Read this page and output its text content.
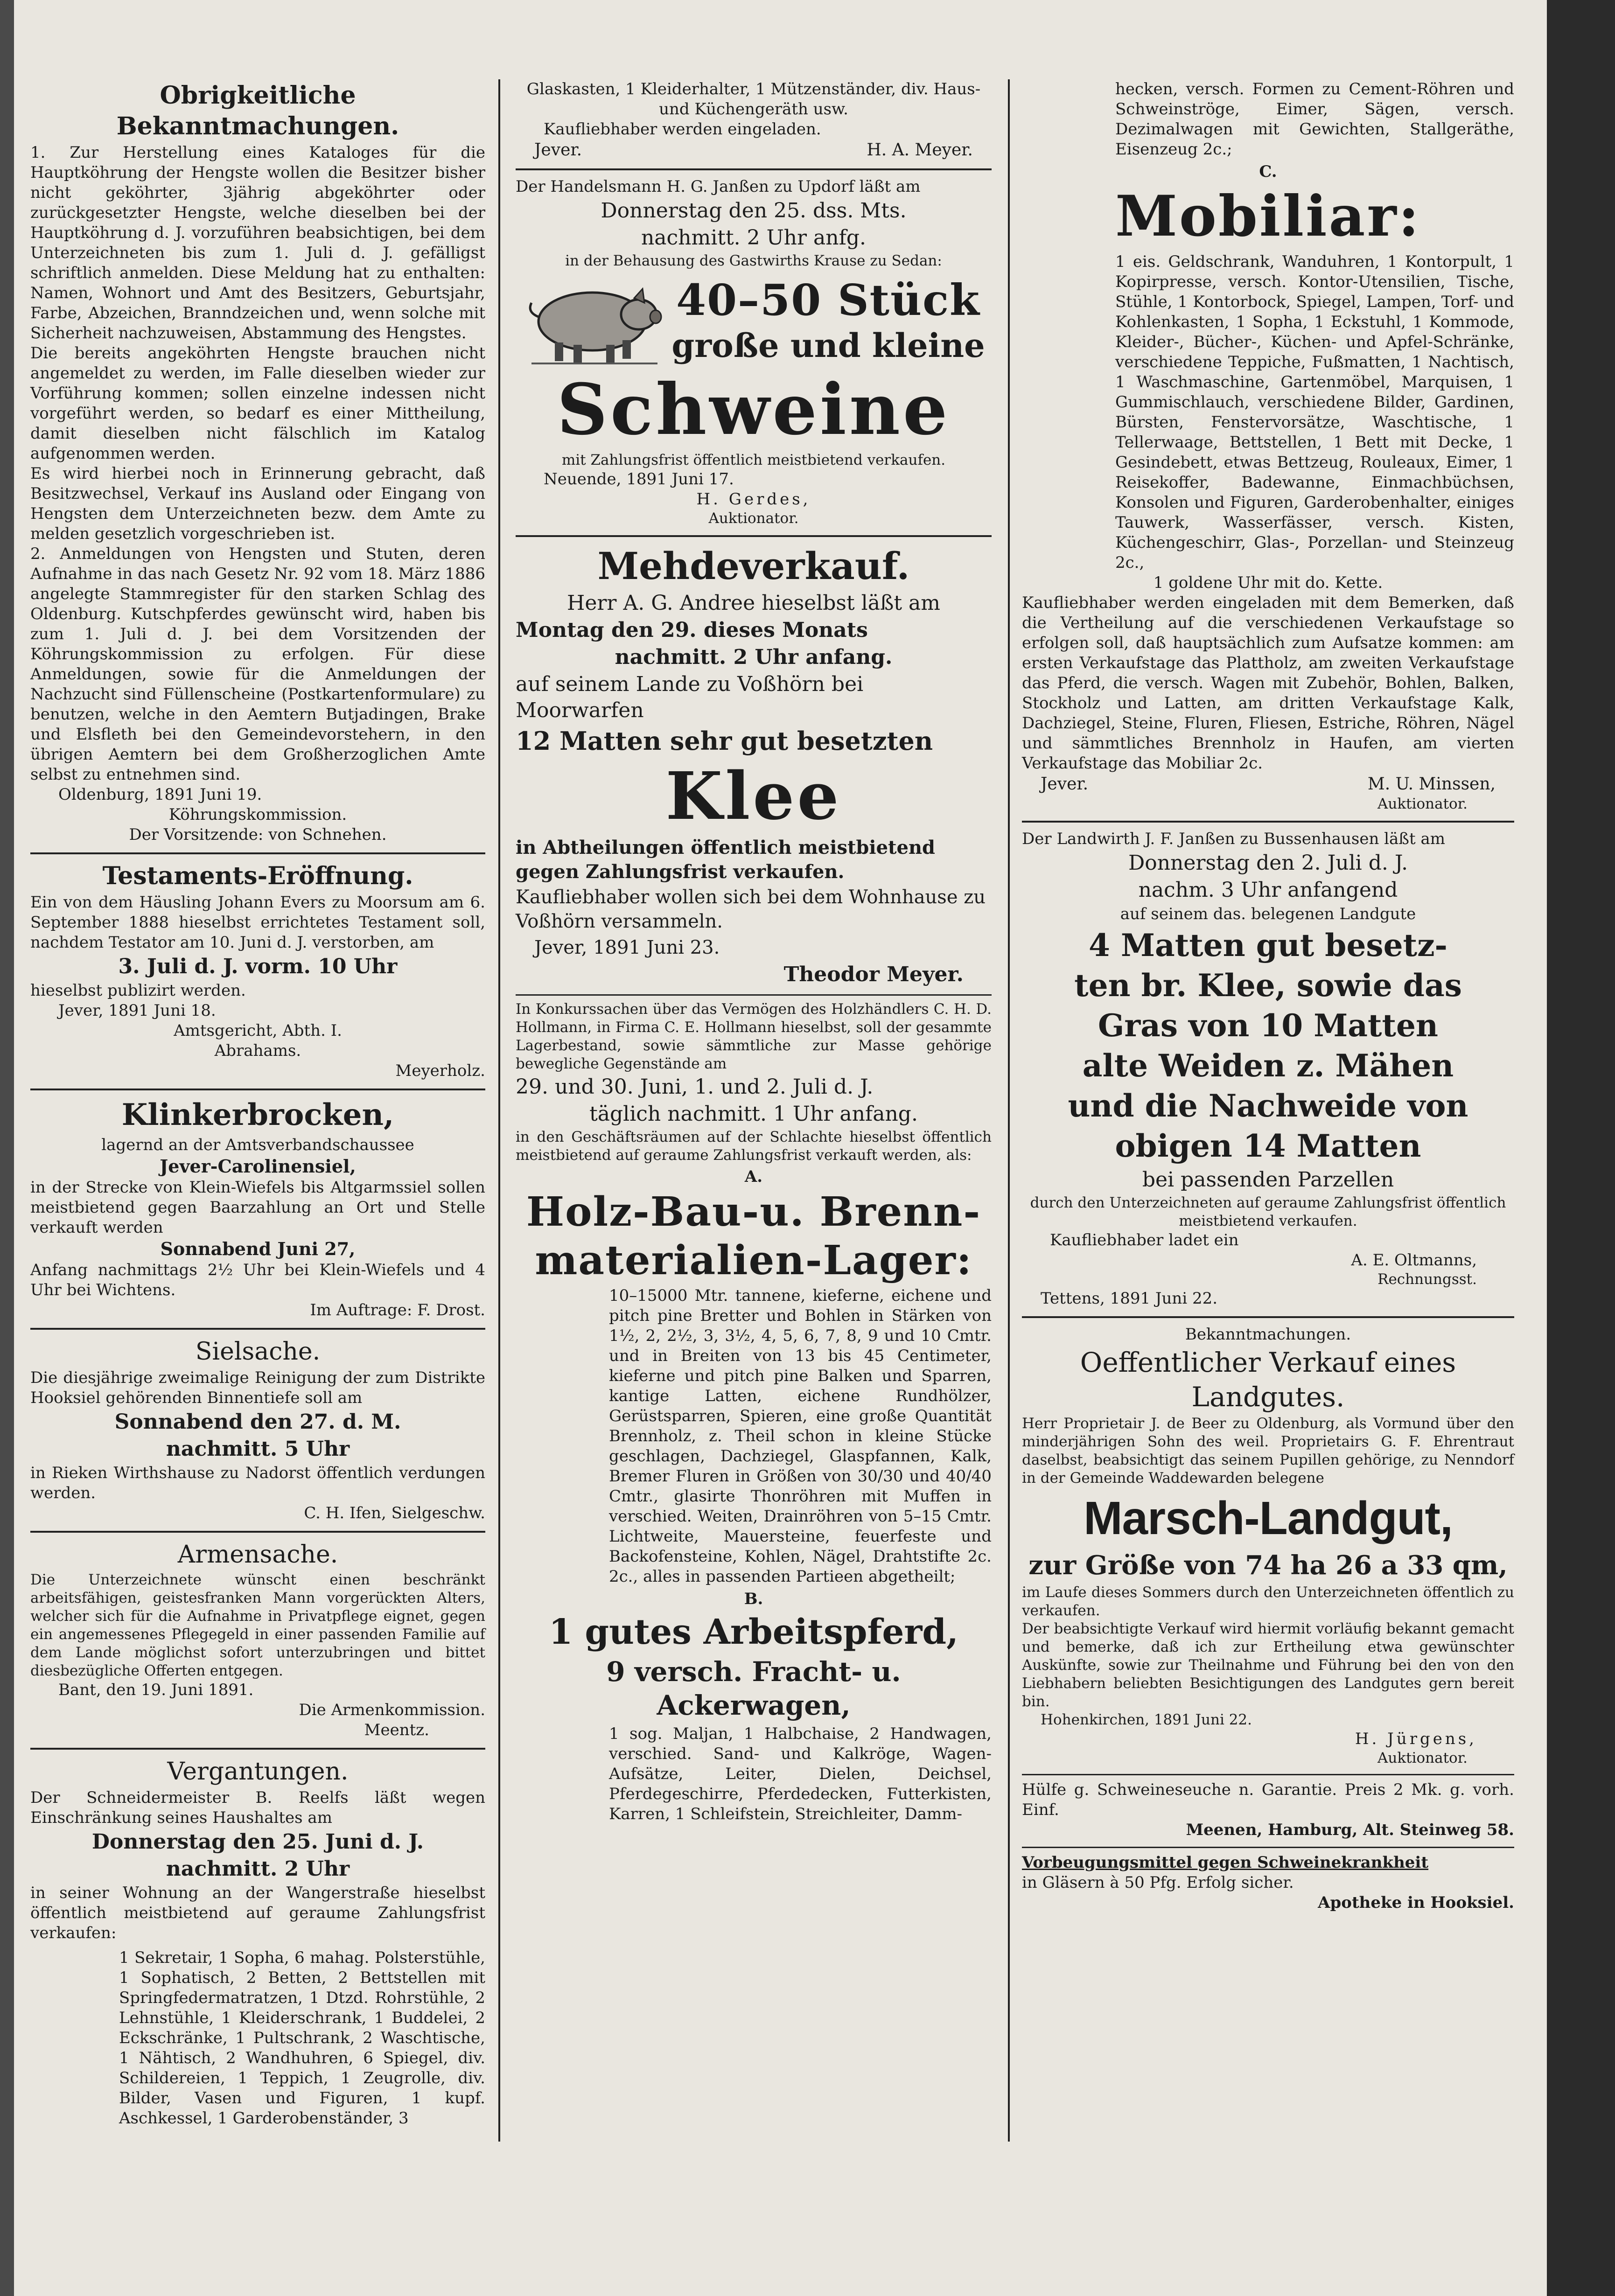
Obrigkeitliche Bekanntmachungen.

1. Zur Herstellung eines Kataloges für die Hauptköhrung der Hengste wollen die Besitzer bisher nicht geköhrter, 3jährig abgeköhrter oder zurückgesetzter Hengste, welche dieselben bei der Hauptköhrung d. J. vorzuführen beabsichtigen, bei dem Unterzeichneten bis zum 1. Juli d. J. gefälligst schriftlich anmelden. Diese Meldung hat zu enthalten: Namen, Wohnort und Amt des Besitzers, Geburtsjahr, Farbe, Abzeichen, Branndzeichen und, wenn solche mit Sicherheit nachzuweisen, Abstammung des Hengstes.

Die bereits angeköhrten Hengste brauchen nicht angemeldet zu werden, im Falle dieselben wieder zur Vorführung kommen; sollen einzelne indessen nicht vorgeführt werden, so bedarf es einer Mittheilung, damit dieselben nicht fälschlich im Katalog aufgenommen werden.

Es wird hierbei noch in Erinnerung gebracht, daß Besitzwechsel, Verkauf ins Ausland oder Eingang von Hengsten dem Unterzeichneten bezw. dem Amte zu melden gesetzlich vorgeschrieben ist.

2. Anmeldungen von Hengsten und Stuten, deren Aufnahme in das nach Gesetz Nr. 92 vom 18. März 1886 angelegte Stammregister für den starken Schlag des Oldenburg. Kutschpferdes gewünscht wird, haben bis zum 1. Juli d. J. bei dem Vorsitzenden der Köhrungskommission zu erfolgen. Für diese Anmeldungen, sowie für die Anmeldungen der Nachzucht sind Füllenscheine (Postkartenformulare) zu benutzen, welche in den Aemtern Butjadingen, Brake und Elsfleth bei den Gemeindevorstehern, in den übrigen Aemtern bei dem Großherzoglichen Amte selbst zu entnehmen sind.

Oldenburg, 1891 Juni 19.

Köhrungskommission.

Der Vorsitzende: von Schnehen.

Testaments-Eröffnung.

Ein von dem Häusling Johann Evers zu Moorsum am 6. September 1888 hieselbst errichtetes Testament soll, nachdem Testator am 10. Juni d. J. verstorben, am

3. Juli d. J. vorm. 10 Uhr

hieselbst publizirt werden.

Jever, 1891 Juni 18.

Amtsgericht, Abth. I.

Abrahams.

Meyerholz.

Klinkerbrocken,

lagernd an der Amtsverbandschaussee

Jever-Carolinensiel,

in der Strecke von Klein-Wiefels bis Altgarmssiel sollen meistbietend gegen Baarzahlung an Ort und Stelle verkauft werden

Sonnabend Juni 27,

Anfang nachmittags 2½ Uhr bei Klein-Wiefels und 4 Uhr bei Wichtens.

Im Auftrage: F. Drost.

Sielsache.

Die diesjährige zweimalige Reinigung der zum Distrikte Hooksiel gehörenden Binnentiefe soll am

Sonnabend den 27. d. M.

nachmitt. 5 Uhr

in Rieken Wirthshause zu Nadorst öffentlich verdungen werden.

C. H. Ifen, Sielgeschw.

Armensache.

Die Unterzeichnete wünscht einen beschränkt arbeitsfähigen, geistesfranken Mann vorgerückten Alters, welcher sich für die Aufnahme in Privatpflege eignet, gegen ein angemessenes Pflegegeld in einer passenden Familie auf dem Lande möglichst sofort unterzubringen und bittet diesbezügliche Offerten entgegen.

Bant, den 19. Juni 1891.

Die Armenkommission.

Meentz.

Vergantungen.

Der Schneidermeister B. Reelfs läßt wegen Einschränkung seines Haushaltes am

Donnerstag den 25. Juni d. J.

nachmitt. 2 Uhr

in seiner Wohnung an der Wangerstraße hieselbst öffentlich meistbietend auf geraume Zahlungsfrist verkaufen:

1 Sekretair, 1 Sopha, 6 mahag. Polsterstühle, 1 Sophatisch, 2 Betten, 2 Bettstellen mit Springfedermatratzen, 1 Dtzd. Rohrstühle, 2 Lehnstühle, 1 Kleiderschrank, 1 Buddelei, 2 Eckschränke, 1 Pultschrank, 2 Waschtische, 1 Nähtisch, 2 Wandhuhren, 6 Spiegel, div. Schildereien, 1 Teppich, 1 Zeugrolle, div. Bilder, Vasen und Figuren, 1 kupf. Aschkessel, 1 Garderobenständer, 3

Glaskasten, 1 Kleiderhalter, 1 Mützenständer, div. Haus- und Küchengeräth usw.

Kaufliebhaber werden eingeladen.

Jever.	H. A. Meyer.

Der Handelsmann H. G. Janßen zu Updorf läßt am

Donnerstag den 25. dss. Mts.

nachmitt. 2 Uhr anfg.

in der Behausung des Gastwirths Krause zu Sedan:

40–50 Stück
große und kleine
Schweine

mit Zahlungsfrist öffentlich meistbietend verkaufen.

Neuende, 1891 Juni 17.

H. Gerdes,

Auktionator.

Mehdeverkauf.

Herr A. G. Andree hieselbst läßt am

Montag den 29. dieses Monats

nachmitt. 2 Uhr anfang.

auf seinem Lande zu Voßhörn bei Moorwarfen

12 Matten sehr gut besetzten

Klee

in Abtheilungen öffentlich meistbietend gegen Zahlungsfrist verkaufen.

Kaufliebhaber wollen sich bei dem Wohnhause zu Voßhörn versammeln.

Jever, 1891 Juni 23.

Theodor Meyer.

In Konkurssachen über das Vermögen des Holzhändlers C. H. D. Hollmann, in Firma C. E. Hollmann hieselbst, soll der gesammte Lagerbestand, sowie sämmtliche zur Masse gehörige bewegliche Gegenstände am

29. und 30. Juni, 1. und 2. Juli d. J.

täglich nachmitt. 1 Uhr anfang.

in den Geschäftsräumen auf der Schlachte hieselbst öffentlich meistbietend auf geraume Zahlungsfrist verkauft werden, als:

A.
Holz-Bau-u. Brenn-
materialien-Lager:

10–15000 Mtr. tannene, kieferne, eichene und pitch pine Bretter und Bohlen in Stärken von 1½, 2, 2½, 3, 3½, 4, 5, 6, 7, 8, 9 und 10 Cmtr. und in Breiten von 13 bis 45 Centimeter, kieferne und pitch pine Balken und Sparren, kantige Latten, eichene Rundhölzer, Gerüstsparren, Spieren, eine große Quantität Brennholz, z. Theil schon in kleine Stücke geschlagen, Dachziegel, Glaspfannen, Kalk, Bremer Fluren in Größen von 30/30 und 40/40 Cmtr., glasirte Thonröhren mit Muffen in verschied. Weiten, Drainröhren von 5–15 Cmtr. Lichtweite, Mauersteine, feuerfeste und Backofensteine, Kohlen, Nägel, Drahtstifte 2c. 2c., alles in passenden Partieen abgetheilt;

B.
1 gutes Arbeitspferd,
9 versch. Fracht- u. Ackerwagen,

1 sog. Maljan, 1 Halbchaise, 2 Handwagen, verschied. Sand- und Kalkröge, Wagen-Aufsätze, Leiter, Dielen, Deichsel, Pferdegeschirre, Pferdedecken, Futterkisten, Karren, 1 Schleifstein, Streichleiter, Damm-

hecken, versch. Formen zu Cement-Röhren und Schweinströge, Eimer, Sägen, versch. Dezimalwagen mit Gewichten, Stallgeräthe, Eisenzeug 2c.;

C.
Mobiliar:

1 eis. Geldschrank, Wanduhren, 1 Kontorpult, 1 Kopirpresse, versch. Kontor-Utensilien, Tische, Stühle, 1 Kontorbock, Spiegel, Lampen, Torf- und Kohlenkasten, 1 Sopha, 1 Eckstuhl, 1 Kommode, Kleider-, Bücher-, Küchen- und Apfel-Schränke, verschiedene Teppiche, Fußmatten, 1 Nachtisch, 1 Waschmaschine, Gartenmöbel, Marquisen, 1 Gummischlauch, verschiedene Bilder, Gardinen, Bürsten, Fenstervorsätze, Waschtische, 1 Tellerwaage, Bettstellen, 1 Bett mit Decke, 1 Gesindebett, etwas Bettzeug, Rouleaux, Eimer, 1 Reisekoffer, Badewanne, Einmachbüchsen, Konsolen und Figuren, Garderobenhalter, einiges Tauwerk, Wasserfässer, versch. Kisten, Küchengeschirr, Glas-, Porzellan- und Steinzeug 2c.,

1 goldene Uhr mit do. Kette.

Kaufliebhaber werden eingeladen mit dem Bemerken, daß die Vertheilung auf die verschiedenen Verkaufstage so erfolgen soll, daß hauptsächlich zum Aufsatze kommen: am ersten Verkaufstage das Plattholz, am zweiten Verkaufstage das Pferd, die versch. Wagen mit Zubehör, Bohlen, Balken, Stockholz und Latten, am dritten Verkaufstage Kalk, Dachziegel, Steine, Fluren, Fliesen, Estriche, Röhren, Nägel und sämmtliches Brennholz in Haufen, am vierten Verkaufstage das Mobiliar 2c.

Jever.	M. U. Minssen,

Auktionator.

Der Landwirth J. F. Janßen zu Bussenhausen läßt am

Donnerstag den 2. Juli d. J.

nachm. 3 Uhr anfangend

auf seinem das. belegenen Landgute

4 Matten gut besetz-
ten br. Klee, sowie das
Gras von 10 Matten
alte Weiden z. Mähen
und die Nachweide von
obigen 14 Matten

bei passenden Parzellen

durch den Unterzeichneten auf geraume Zahlungsfrist öffentlich meistbietend verkaufen.

Kaufliebhaber ladet ein

A. E. Oltmanns,

Rechnungsst.

Tettens, 1891 Juni 22.

Bekanntmachungen.

Oeffentlicher Verkauf eines
Landgutes.

Herr Proprietair J. de Beer zu Oldenburg, als Vormund über den minderjährigen Sohn des weil. Proprietairs G. F. Ehrentraut daselbst, beabsichtigt das seinem Pupillen gehörige, zu Nenndorf in der Gemeinde Waddewarden belegene

Marsch-Landgut,
zur Größe von 74 ha 26 a 33 qm,

im Laufe dieses Sommers durch den Unterzeichneten öffentlich zu verkaufen.

Der beabsichtigte Verkauf wird hiermit vorläufig bekannt gemacht und bemerke, daß ich zur Ertheilung etwa gewünschter Auskünfte, sowie zur Theilnahme und Führung bei den von den Liebhabern beliebten Besichtigungen des Landgutes gern bereit bin.

Hohenkirchen, 1891 Juni 22.

H. Jürgens,

Auktionator.

Hülfe g. Schweineseuche n. Garantie. Preis 2 Mk. g. vorh. Einf.

Meenen, Hamburg, Alt. Steinweg 58.

Vorbeugungsmittel gegen Schweinekrankheit

in Gläsern à 50 Pfg. Erfolg sicher.

Apotheke in Hooksiel.
